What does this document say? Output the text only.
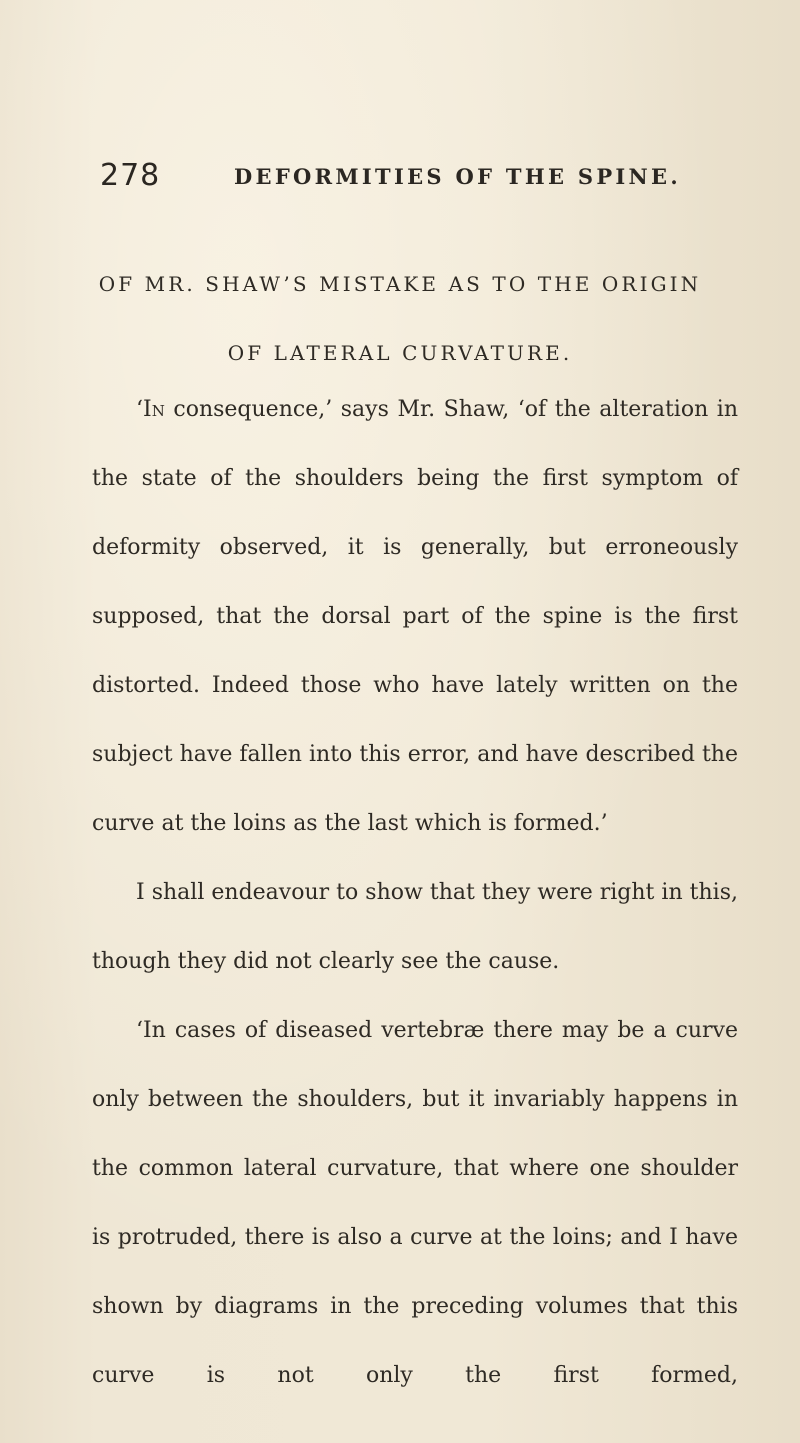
278	DEFORMITIES OF THE SPINE.
OF MR. SHAW’S MISTAKE AS TO THE ORIGIN
OF LATERAL CURVATURE.

‘In consequence,’ says Mr. Shaw, ‘of the alteration in the state of the shoulders being the first symptom of deformity observed, it is generally, but erroneously supposed, that the dorsal part of the spine is the first distorted. Indeed those who have lately written on the subject have fallen into this error, and have described the curve at the loins as the last which is formed.’

I shall endeavour to show that they were right in this, though they did not clearly see the cause.

‘In cases of diseased vertebræ there may be a curve only between the shoulders, but it invariably happens in the common lateral curvature, that where one shoulder is protruded, there is also a curve at the loins; and I have shown by diagrams in the preceding volumes that this curve is not only the first formed,
